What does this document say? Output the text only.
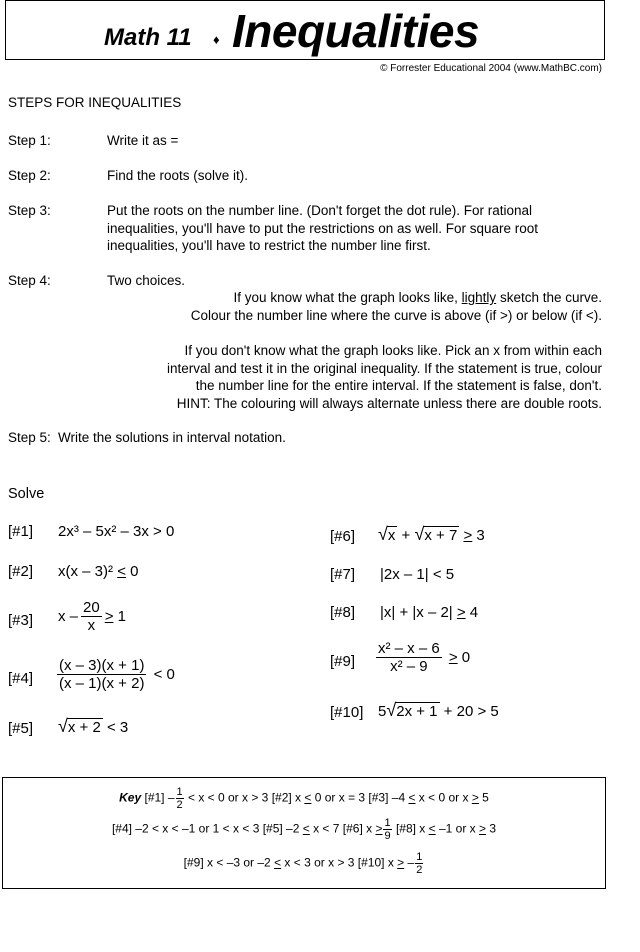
Math 11 ♦ Inequalities
© Forrester Educational 2004 (www.MathBC.com)
STEPS FOR INEQUALITIES
Step 1:	Write it as =
Step 2:	Find the roots (solve it).
Step 3:	Put the roots on the number line. (Don't forget the dot rule). For rational
inequalities, you'll have to put the restrictions on as well. For square root
inequalities, you'll have to restrict the number line first.
Step 4:	Two choices.
If you know what the graph looks like, lightly sketch the curve.
Colour the number line where the curve is above (if >) or below (if <).
If you don't know what the graph looks like. Pick an x from within each
interval and test it in the original inequality. If the statement is true, colour
the number line for the entire interval. If the statement is false, don't.
HINT: The colouring will always alternate unless there are double roots.
Step 5: Write the solutions in interval notation.
Solve
[#1] 2x³ – 5x² – 3x > 0
[#2] x(x – 3)² < 0
[#3] $x - \frac{20}{x} > 1$
[#4] $\frac{(x - 3)(x + 1)}{(x - 1)(x + 2)} < 0$
[#5] √x + 2 < 3
[#6] √x + √x + 7 > 3
[#7] |2x – 1| < 5
[#8] |x| + |x – 2| > 4
[#9] $\frac{\text{x² – x – 6}}{\text{x² – 9}} > 0$
[#10] 5√2x + 1 + 20 > 5
Key [#1] – $\frac{1}{2} < x < 0$ or x > 3 [#2] x < 0 or x = 3 [#3] –4 < x < 0 or x > 5
[#4] –2 < x < –1 or 1 < x < 3 [#5] –2 < x < 7 [#6] $x > \frac{1}{9}$ [#8] x < –1 or x > 3
[#9] x < –3 or –2 < x < 3 or x > 3 [#10] x > – $\frac{1}{2}$
